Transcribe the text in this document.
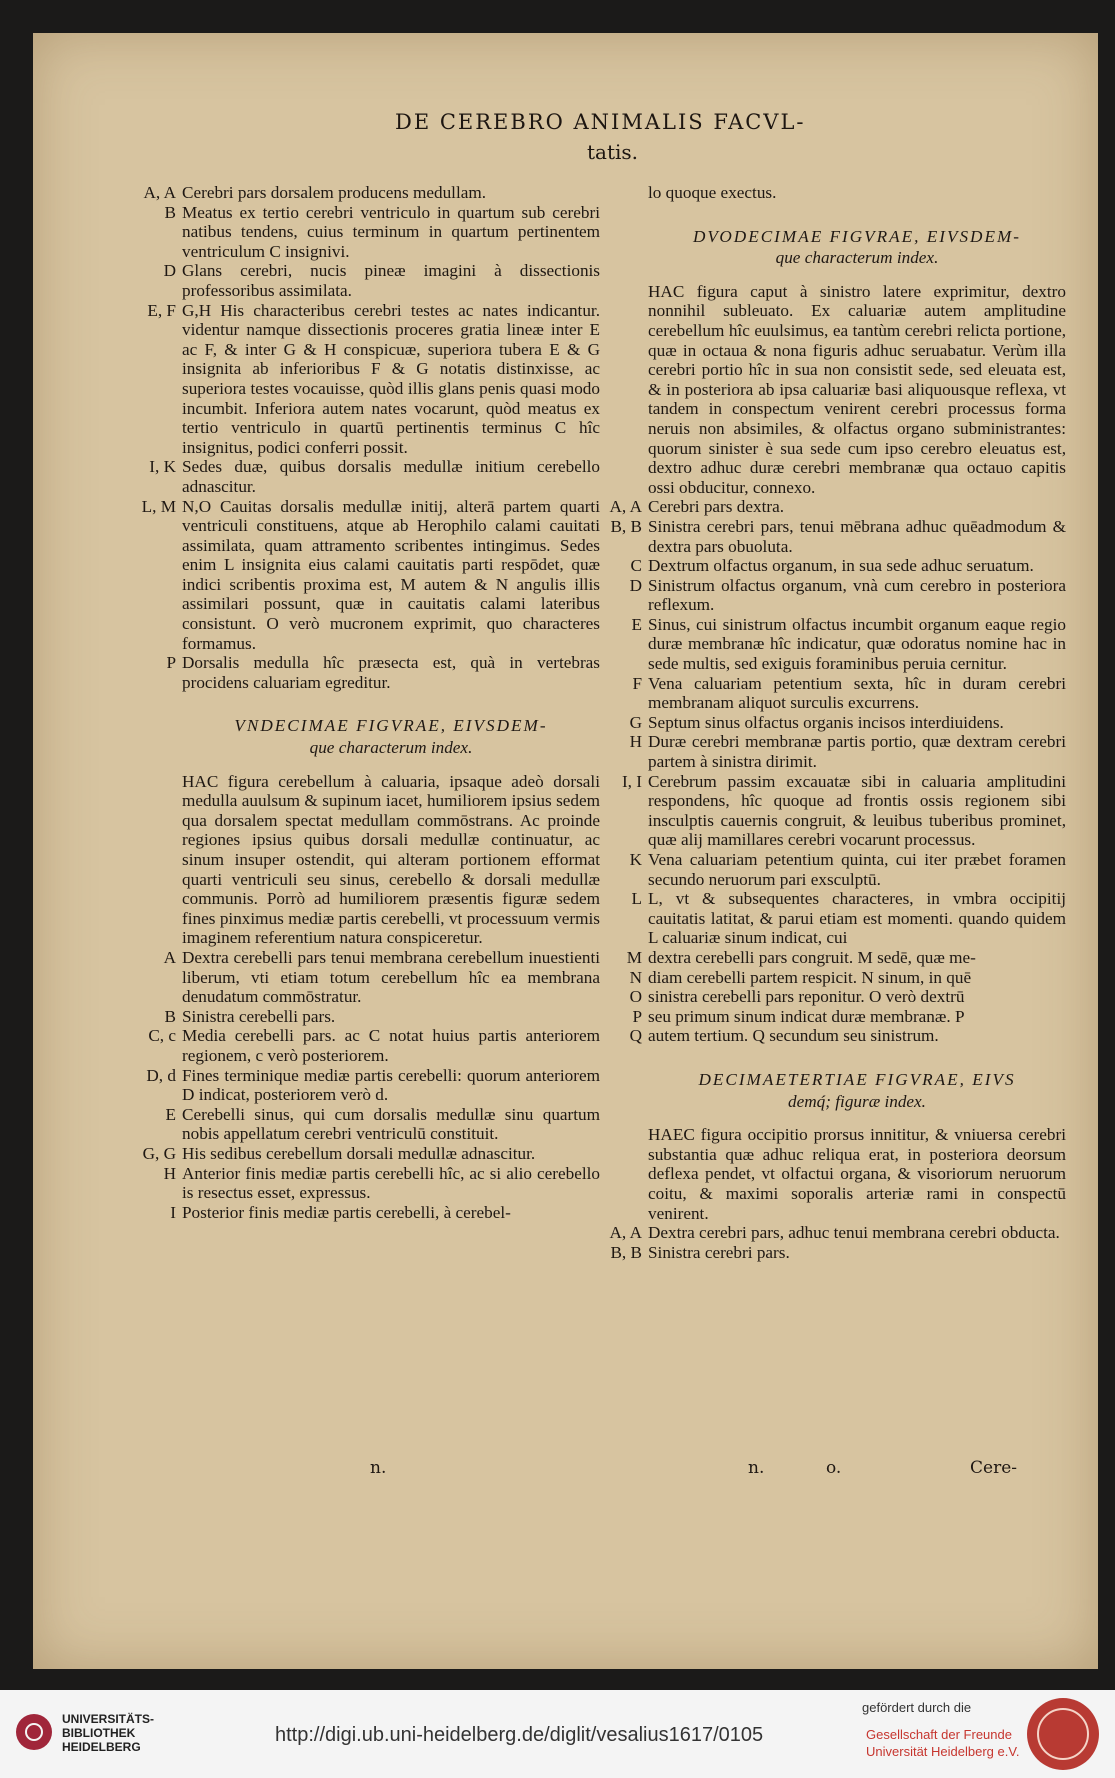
DE CEREBRO ANIMALIS FACVL-
tatis.

A, A Cerebri pars dorsalem producens medullam.

B Meatus ex tertio cerebri ventriculo in quartum sub cerebri natibus tendens, cuius terminum in quartum pertinentem ventriculum C insignivi.

D Glans cerebri, nucis pineæ imagini à dissectionis professoribus assimilata.

E, F G,H His characteribus cerebri testes ac nates indicantur. videntur namque dissectionis proceres gratia lineæ inter E ac F, & inter G & H conspicuæ, superiora tubera E & G insignita ab inferioribus F & G notatis distinxisse, ac superiora testes vocauisse, quòd illis glans penis quasi modo incumbit. Inferiora autem nates vocarunt, quòd meatus ex tertio ventriculo in quartū pertinentis terminus C hîc insignitus, podici conferri possit.

I, K Sedes duæ, quibus dorsalis medullæ initium cerebello adnascitur.

L, M N,O Cauitas dorsalis medullæ initij, alterā partem quarti ventriculi constituens, atque ab Herophilo calami cauitati assimilata, quam attramento scribentes intingimus. Sedes enim L insignita eius calami cauitatis parti respōdet, quæ indici scribentis proxima est, M autem & N angulis illis assimilari possunt, quæ in cauitatis calami lateribus consistunt. O verò mucronem exprimit, quo characteres formamus.

P Dorsalis medulla hîc præsecta est, quà in vertebras procidens caluariam egreditur.

VNDECIMAE FIGVRAE, EIVSDEM-

que characterum index.

HAC figura cerebellum à caluaria, ipsaque adeò dorsali medulla auulsum & supinum iacet, humiliorem ipsius sedem qua dorsalem spectat medullam commōstrans. Ac proinde regiones ipsius quibus dorsali medullæ continuatur, ac sinum insuper ostendit, qui alteram portionem efformat quarti ventriculi seu sinus, cerebello & dorsali medullæ communis. Porrò ad humiliorem præsentis figuræ sedem fines pinximus mediæ partis cerebelli, vt processuum vermis imaginem referentium natura conspiceretur.

A Dextra cerebelli pars tenui membrana cerebellum inuestienti liberum, vti etiam totum cerebellum hîc ea membrana denudatum commōstratur.

B Sinistra cerebelli pars.

C, c Media cerebelli pars. ac C notat huius partis anteriorem regionem, c verò posteriorem.

D, d Fines terminique mediæ partis cerebelli: quorum anteriorem D indicat, posteriorem verò d.

E Cerebelli sinus, qui cum dorsalis medullæ sinu quartum nobis appellatum cerebri ventriculū constituit.

G, G His sedibus cerebellum dorsali medullæ adnascitur.

H Anterior finis mediæ partis cerebelli hîc, ac si alio cerebello is resectus esset, expressus.

I Posterior finis mediæ partis cerebelli, à cerebel-

lo quoque exectus.

DVODECIMAE FIGVRAE, EIVSDEM-

que characterum index.

HAC figura caput à sinistro latere exprimitur, dextro nonnihil subleuato. Ex caluariæ autem amplitudine cerebellum hîc euulsimus, ea tantùm cerebri relicta portione, quæ in octaua & nona figuris adhuc seruabatur. Verùm illa cerebri portio hîc in sua non consistit sede, sed eleuata est, & in posteriora ab ipsa caluariæ basi aliquousque reflexa, vt tandem in conspectum venirent cerebri processus forma neruis non absimiles, & olfactus organo subministrantes: quorum sinister è sua sede cum ipso cerebro eleuatus est, dextro adhuc duræ cerebri membranæ qua octauo capitis ossi obducitur, connexo.

A, A Cerebri pars dextra.

B, B Sinistra cerebri pars, tenui mēbrana adhuc quēadmodum & dextra pars obuoluta.

C Dextrum olfactus organum, in sua sede adhuc seruatum.

D Sinistrum olfactus organum, vnà cum cerebro in posteriora reflexum.

E Sinus, cui sinistrum olfactus incumbit organum eaque regio duræ membranæ hîc indicatur, quæ odoratus nomine hac in sede multis, sed exiguis foraminibus peruia cernitur.

F Vena caluariam petentium sexta, hîc in duram cerebri membranam aliquot surculis excurrens.

G Septum sinus olfactus organis incisos interdiuidens.

H Duræ cerebri membranæ partis portio, quæ dextram cerebri partem à sinistra dirimit.

I, I Cerebrum passim excauatæ sibi in caluaria amplitudini respondens, hîc quoque ad frontis ossis regionem sibi insculptis cauernis congruit, & leuibus tuberibus prominet, quæ alij mamillares cerebri vocarunt processus.

K Vena caluariam petentium quinta, cui iter præbet foramen secundo neruorum pari exsculptū.

L L, vt & subsequentes characteres, in vmbra occipitij cauitatis latitat, & parui etiam est momenti. quando quidem L caluariæ sinum indicat, cui

M dextra cerebelli pars congruit. M sedē, quæ me-

N diam cerebelli partem respicit. N sinum, in quē

O sinistra cerebelli pars reponitur. O verò dextrū

P seu primum sinum indicat duræ membranæ. P

Q autem tertium. Q secundum seu sinistrum.

DECIMAETERTIAE FIGVRAE, EIVS

demq́; figuræ index.

HAEC figura occipitio prorsus innititur, & vniuersa cerebri substantia quæ adhuc reliqua erat, in posteriora deorsum deflexa pendet, vt olfactui organa, & visoriorum neruorum coitu, & maximi soporalis arteriæ rami in conspectū venirent.

A, A Dextra cerebri pars, adhuc tenui membrana cerebri obducta.

B, B Sinistra cerebri pars.

n.	n.	o.	Cere-
UNIVERSITÄTS-
BIBLIOTHEK
HEIDELBERG
http://digi.ub.uni-heidelberg.de/diglit/vesalius1617/0105
gefördert durch die
Gesellschaft der Freunde
Universität Heidelberg e.V.
